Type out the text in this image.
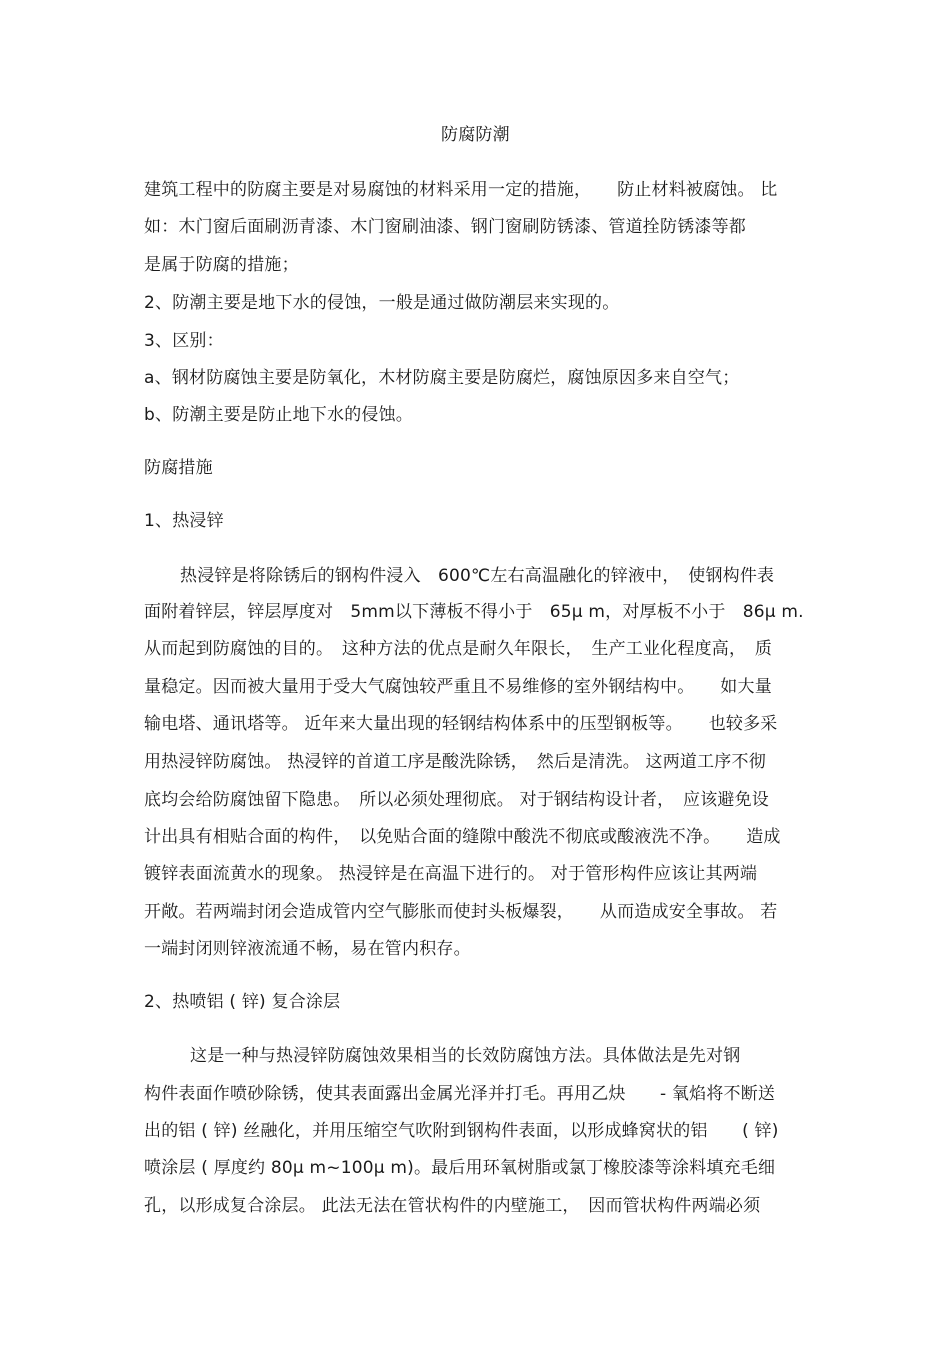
防腐防潮
建筑工程中的防腐主要是对易腐蚀的材料采用一定的措施，　　防止材料被腐蚀。 比
如：木门窗后面刷沥青漆、木门窗刷油漆、钢门窗刷防锈漆、管道拴防锈漆等都
是属于防腐的措施；
2、防潮主要是地下水的侵蚀，一般是通过做防潮层来实现的。
3、区别：
a、钢材防腐蚀主要是防氧化，木材防腐主要是防腐烂，腐蚀原因多来自空气；
b、防潮主要是防止地下水的侵蚀。
防腐措施
1、热浸锌
热浸锌是将除锈后的钢构件浸入　600℃左右高温融化的锌液中，　使钢构件表
面附着锌层，锌层厚度对　5mm以下薄板不得小于　65μ m，对厚板不小于　86μ m.
从而起到防腐蚀的目的。　这种方法的优点是耐久年限长，　生产工业化程度高，　质
量稳定。因而被大量用于受大气腐蚀较严重且不易维修的室外钢结构中。　　如大量
输电塔、通讯塔等。 近年来大量出现的轻钢结构体系中的压型钢板等。　　也较多采
用热浸锌防腐蚀。 热浸锌的首道工序是酸洗除锈，　然后是清洗。 这两道工序不彻
底均会给防腐蚀留下隐患。　所以必须处理彻底。 对于钢结构设计者，　应该避免设
计出具有相贴合面的构件，　以免贴合面的缝隙中酸洗不彻底或酸液洗不净。　　造成
镀锌表面流黄水的现象。 热浸锌是在高温下进行的。 对于管形构件应该让其两端
开敞。若两端封闭会造成管内空气膨胀而使封头板爆裂，　　从而造成安全事故。 若
一端封闭则锌液流通不畅，易在管内积存。
2、热喷铝 ( 锌) 复合涂层
这是一种与热浸锌防腐蚀效果相当的长效防腐蚀方法。具体做法是先对钢
构件表面作喷砂除锈，使其表面露出金属光泽并打毛。再用乙炔　　- 氧焰将不断送
出的铝 ( 锌) 丝融化，并用压缩空气吹附到钢构件表面，以形成蜂窝状的铝　　( 锌)
喷涂层 ( 厚度约 80μ m~100μ m)。最后用环氧树脂或氯丁橡胶漆等涂料填充毛细
孔，以形成复合涂层。 此法无法在管状构件的内壁施工，　因而管状构件两端必须
